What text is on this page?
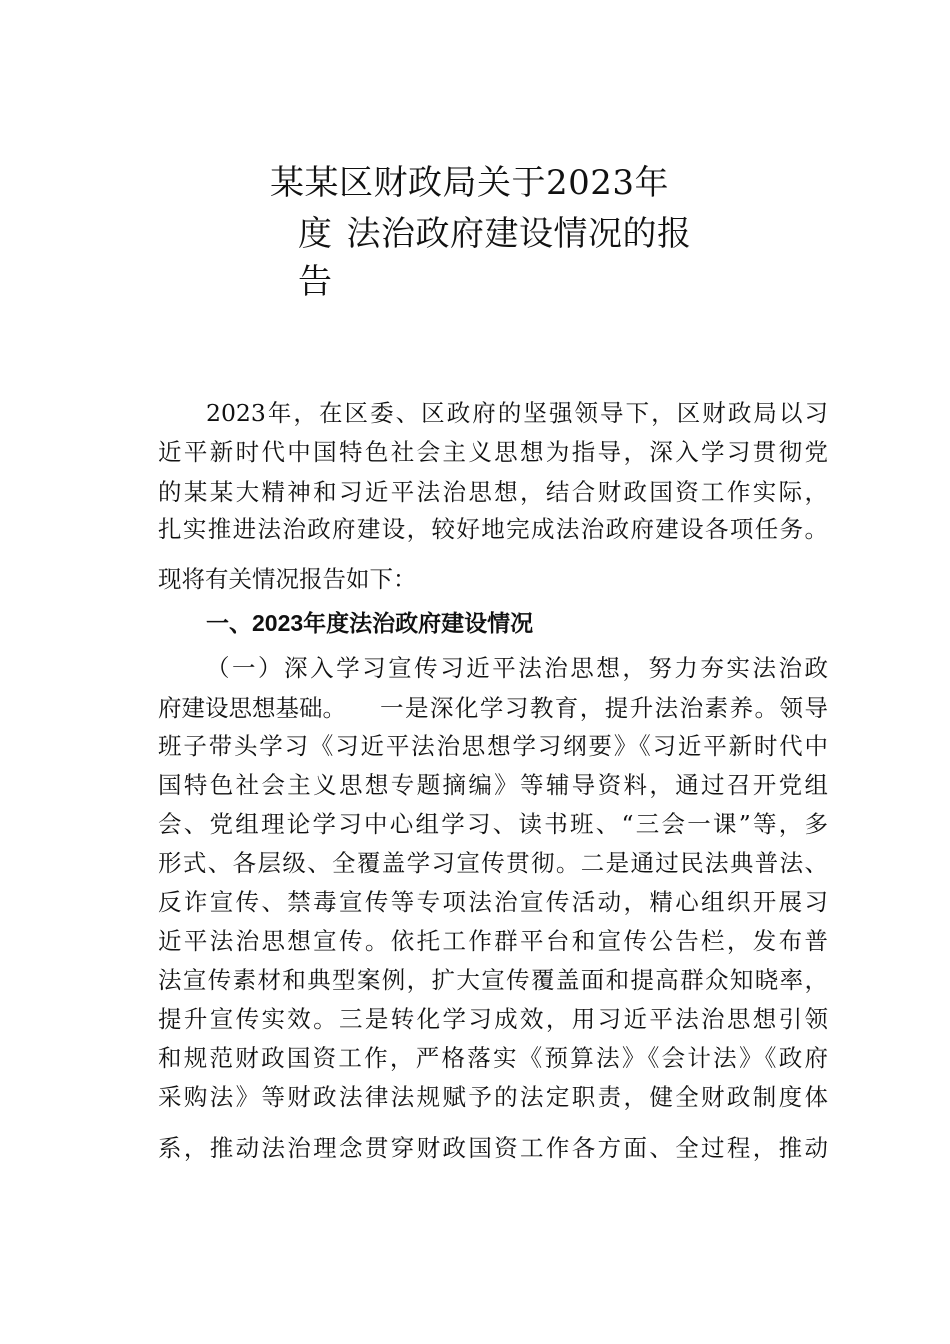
某某区财政局关于2023年
度 法治政府建设情况的报
告

2023年，在区委、区政府的坚强领导下，区财政局以习

近平新时代中国特色社会主义思想为指导，深入学习贯彻党

的某某大精神和习近平法治思想，结合财政国资工作实际，

扎实推进法治政府建设，较好地完成法治政府建设各项任务。

现将有关情况报告如下：

一、2023年度法治政府建设情况

（一）深入学习宣传习近平法治思想，努力夯实法治政

府建设思想基础。 一是深化学习教育，提升法治素养。领导

班子带头学习《习近平法治思想学习纲要》《习近平新时代中

国特色社会主义思想专题摘编》等辅导资料，通过召开党组

会、党组理论学习中心组学习、读书班、“三会一课”等，多

形式、各层级、全覆盖学习宣传贯彻。二是通过民法典普法、

反诈宣传、禁毒宣传等专项法治宣传活动，精心组织开展习

近平法治思想宣传。依托工作群平台和宣传公告栏，发布普

法宣传素材和典型案例，扩大宣传覆盖面和提高群众知晓率，

提升宣传实效。三是转化学习成效，用习近平法治思想引领

和规范财政国资工作，严格落实《预算法》《会计法》《政府

采购法》等财政法律法规赋予的法定职责，健全财政制度体

系，推动法治理念贯穿财政国资工作各方面、全过程，推动
